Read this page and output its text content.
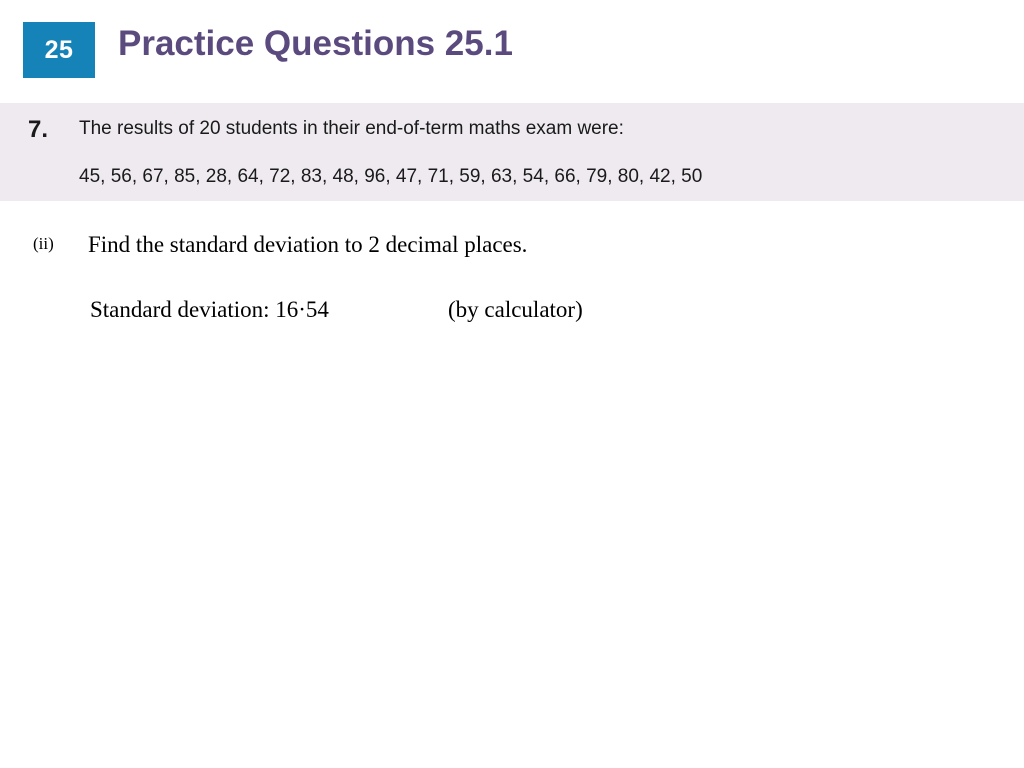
25	Practice Questions 25.1
7. The results of 20 students in their end-of-term maths exam were:
45, 56, 67, 85, 28, 64, 72, 83, 48, 96, 47, 71, 59, 63, 54, 66, 79, 80, 42, 50
(ii) Find the standard deviation to 2 decimal places.
Standard deviation: 16·54	(by calculator)
